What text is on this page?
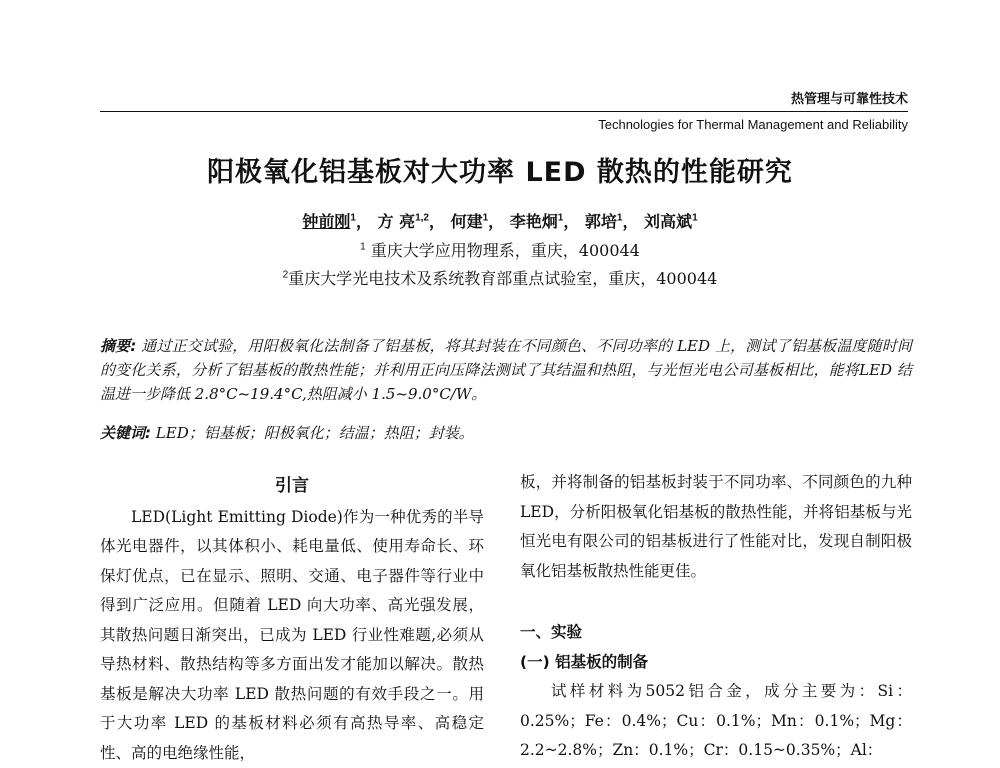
热管理与可靠性技术
Technologies for Thermal Management and Reliability
阳极氧化铝基板对大功率 LED 散热的性能研究
钟前刚$^1$， 方 亮$^{1,2}$， 何建$^1$， 李艳炯$^1$， 郭培$^1$， 刘高斌$^1$
$^1$ 重庆大学应用物理系，重庆，400044
$^2$重庆大学光电技术及系统教育部重点试验室，重庆，400044

摘要: 通过正交试验，用阳极氧化法制备了铝基板，将其封装在不同颜色、不同功率的 LED 上，测试了铝基板温度随时间的变化关系，分析了铝基板的散热性能；并利用正向压降法测试了其结温和热阻，与光恒光电公司基板相比，能将LED 结温进一步降低 2.8°C~19.4°C,热阻减小 1.5~9.0°C/W。

关键词: LED；铝基板；阳极氧化；结温；热阻；封装。

引言

LED(Light Emitting Diode)作为一种优秀的半导体光电器件，以其体积小、耗电量低、使用寿命长、环保灯优点，已在显示、照明、交通、电子器件等行业中得到广泛应用。但随着 LED 向大功率、高光强发展，其散热问题日渐突出，已成为 LED 行业性难题,必须从导热材料、散热结构等多方面出发才能加以解决。散热基板是解决大功率 LED 散热问题的有效手段之一。用于大功率 LED 的基板材料必须有高热导率、高稳定性、高的电绝缘性能，

板，并将制备的铝基板封装于不同功率、不同颜色的九种 LED，分析阳极氧化铝基板的散热性能，并将铝基板与光恒光电有限公司的铝基板进行了性能对比，发现自制阳极氧化铝基板散热性能更佳。

一、实验

(一) 铝基板的制备

试样材料为5052铝合金，成分主要为：Si：0.25%；Fe：0.4%；Cu：0.1%；Mn：0.1%；Mg：2.2~2.8%；Zn：0.1%；Cr：0.15~0.35%；Al：
